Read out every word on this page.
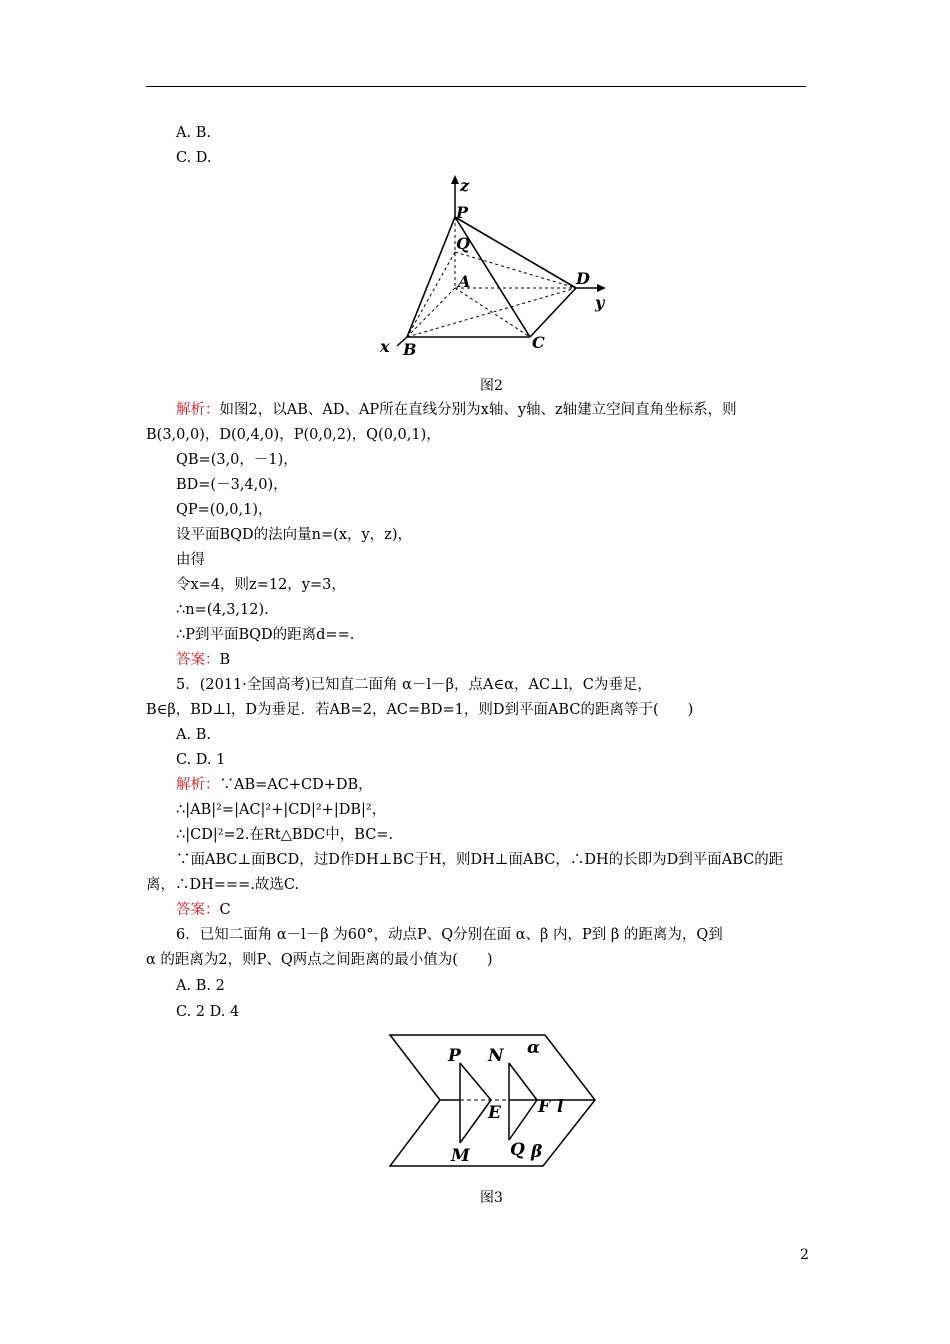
A. B.
C. D.
z
P
Q
A	D
y
x B	C
图2
解析：如图2，以AB、AD、AP所在直线分别为x轴、y轴、z轴建立空间直角坐标系，则
B(3,0,0)，D(0,4,0)，P(0,0,2)，Q(0,0,1)，
QB=(3,0，－1)，
BD=(－3,4,0)，
QP=(0,0,1)，
设平面BQD的法向量n=(x，y，z)，
由得
令x=4，则z=12，y=3，
∴n=(4,3,12).
∴P到平面BQD的距离d==.
答案：B
5．(2011·全国高考)已知直二面角 α－l－β，点A∈α，AC⊥l，C为垂足，
B∈β，BD⊥l，D为垂足．若AB=2，AC=BD=1，则D到平面ABC的距离等于(　　)
A. B.
C. D. 1
解析：∵AB=AC+CD+DB，
∴|AB|²=|AC|²+|CD|²+|DB|²，
∴|CD|²=2.在Rt△BDC中，BC=.
∵面ABC⊥面BCD，过D作DH⊥BC于H，则DH⊥面ABC，∴DH的长即为D到平面ABC的距
离，∴DH===.故选C.
答案：C
6．已知二面角 α－l－β 为60°，动点P、Q分别在面 α、β 内，P到 β 的距离为，Q到
α 的距离为2，则P、Q两点之间距离的最小值为(　　)
A. B. 2
C. 2 D. 4
P N α
E F l
M Q β
图3
2
